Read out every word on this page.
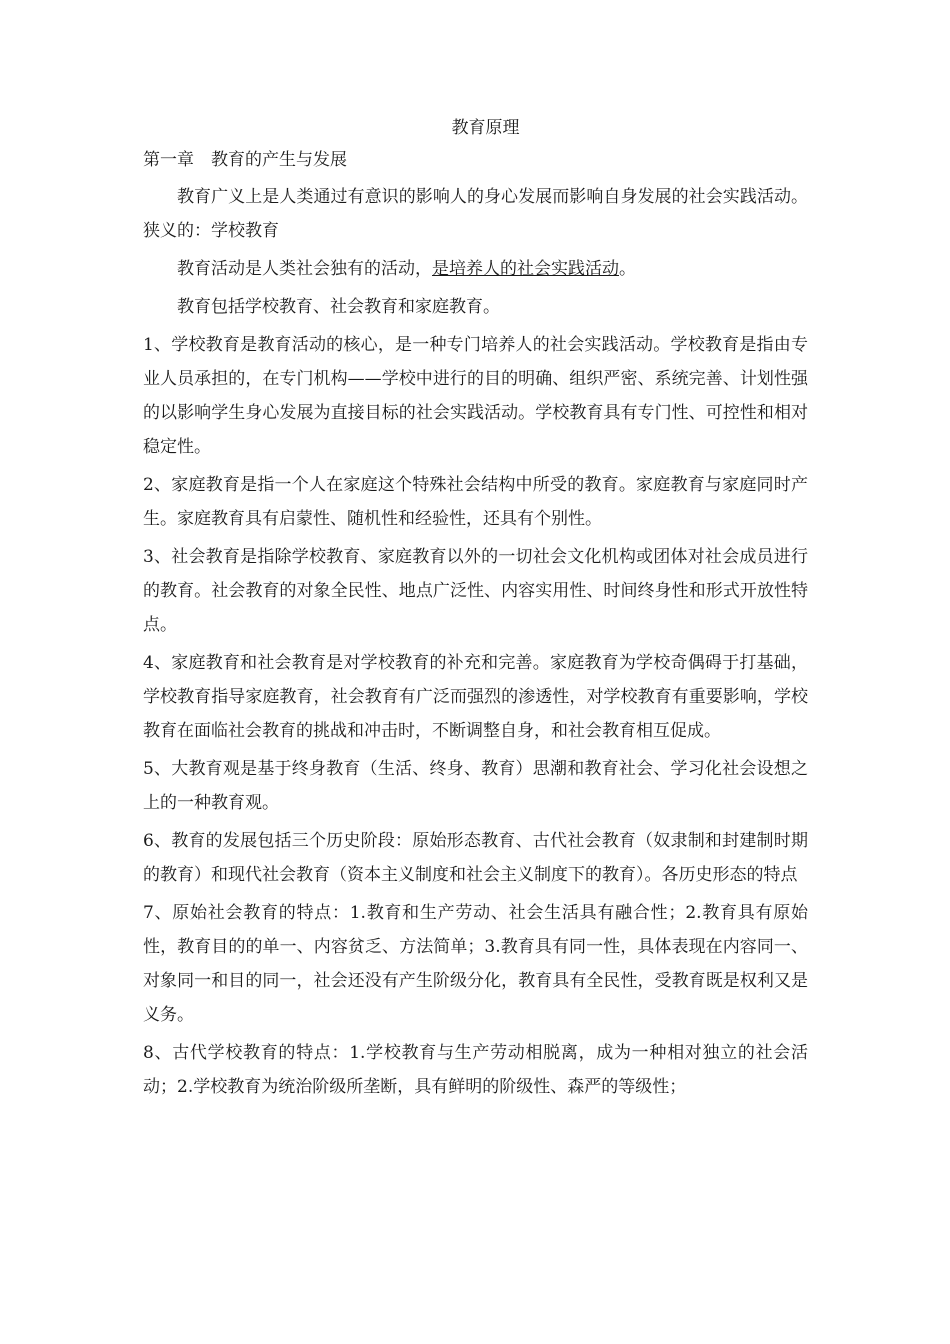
教育原理
第一章　教育的产生与发展

教育广义上是人类通过有意识的影响人的身心发展而影响自身发展的社会实践活动。狭义的：学校教育

教育活动是人类社会独有的活动，是培养人的社会实践活动。

教育包括学校教育、社会教育和家庭教育。

1、学校教育是教育活动的核心，是一种专门培养人的社会实践活动。学校教育是指由专业人员承担的，在专门机构——学校中进行的目的明确、组织严密、系统完善、计划性强的以影响学生身心发展为直接目标的社会实践活动。学校教育具有专门性、可控性和相对稳定性。

2、家庭教育是指一个人在家庭这个特殊社会结构中所受的教育。家庭教育与家庭同时产生。家庭教育具有启蒙性、随机性和经验性，还具有个别性。

3、社会教育是指除学校教育、家庭教育以外的一切社会文化机构或团体对社会成员进行的教育。社会教育的对象全民性、地点广泛性、内容实用性、时间终身性和形式开放性特点。

4、家庭教育和社会教育是对学校教育的补充和完善。家庭教育为学校奇偶碍于打基础，学校教育指导家庭教育，社会教育有广泛而强烈的渗透性，对学校教育有重要影响，学校教育在面临社会教育的挑战和冲击时，不断调整自身，和社会教育相互促成。

5、大教育观是基于终身教育（生活、终身、教育）思潮和教育社会、学习化社会设想之上的一种教育观。

6、教育的发展包括三个历史阶段：原始形态教育、古代社会教育（奴隶制和封建制时期的教育）和现代社会教育（资本主义制度和社会主义制度下的教育）。各历史形态的特点

7、原始社会教育的特点：1.教育和生产劳动、社会生活具有融合性；2.教育具有原始性，教育目的的单一、内容贫乏、方法简单；3.教育具有同一性，具体表现在内容同一、对象同一和目的同一，社会还没有产生阶级分化，教育具有全民性，受教育既是权利又是义务。

8、古代学校教育的特点：1.学校教育与生产劳动相脱离，成为一种相对独立的社会活动；2.学校教育为统治阶级所垄断，具有鲜明的阶级性、森严的等级性；
